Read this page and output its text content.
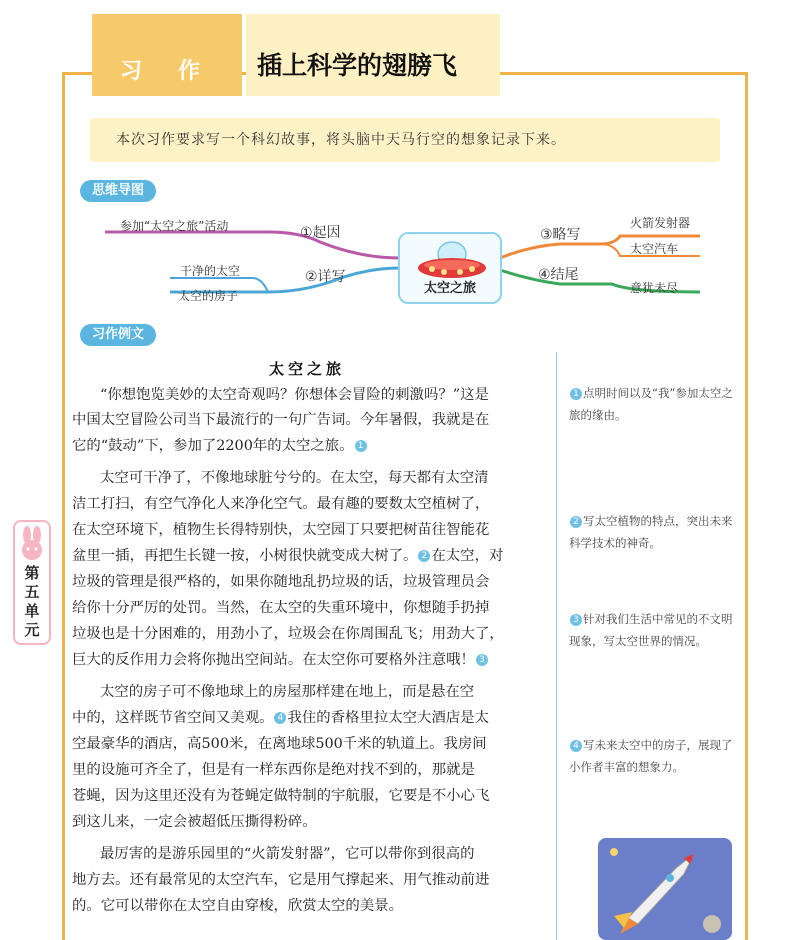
习 作	插上科学的翅膀飞
本次习作要求写一个科幻故事，将头脑中天马行空的想象记录下来。
思维导图
参加“太空之旅”活动	①起因
干净的太空
太空的房子
②详写
太空之旅
③略写
火箭发射器
太空汽车
④结尾
意犹未尽
习作例文
太空之旅
“你想饱览美妙的太空奇观吗？你想体会冒险的刺激吗？”这是
中国太空冒险公司当下最流行的一句广告词。今年暑假，我就是在
它的“鼓动”下，参加了2200年的太空之旅。 1
太空可干净了，不像地球脏兮兮的。在太空，每天都有太空清
洁工打扫，有空气净化人来净化空气。最有趣的要数太空植树了，
在太空环境下，植物生长得特别快，太空园丁只要把树苗往智能花
盆里一插，再把生长键一按，小树很快就变成大树了。 2 在太空，对
垃圾的管理是很严格的，如果你随地乱扔垃圾的话，垃圾管理员会
给你十分严厉的处罚。当然，在太空的失重环境中，你想随手扔掉
垃圾也是十分困难的，用劲小了，垃圾会在你周围乱飞；用劲大了，
巨大的反作用力会将你抛出空间站。在太空你可要格外注意哦！ 3
太空的房子可不像地球上的房屋那样建在地上，而是悬在空
中的，这样既节省空间又美观。 4 我住的香格里拉太空大酒店是太
空最豪华的酒店，高500米，在离地球500千米的轨道上。我房间
里的设施可齐全了，但是有一样东西你是绝对找不到的，那就是
苍蝇，因为这里还没有为苍蝇定做特制的宇航服，它要是不小心飞
到这儿来，一定会被超低压撕得粉碎。
最厉害的是游乐园里的“火箭发射器”，它可以带你到很高的
地方去。还有最常见的太空汽车，它是用气撑起来、用气推动前进
的。它可以带你在太空自由穿梭，欣赏太空的美景。
1 点明时间以及“我”参加太空之旅的缘由。
2 写太空植物的特点，突出未来科学技术的神奇。
3 针对我们生活中常见的不文明现象，写太空世界的情况。
4 写未来太空中的房子，展现了小作者丰富的想象力。
第五单元
